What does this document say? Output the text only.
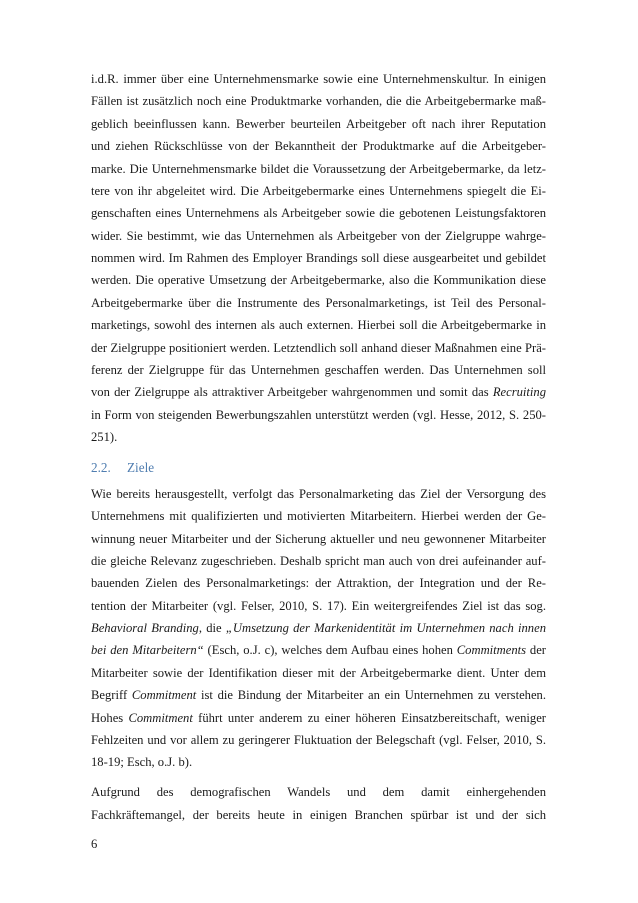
i.d.R. immer über eine Unternehmensmarke sowie eine Unternehmenskultur. In einigen
Fällen ist zusätzlich noch eine Produktmarke vorhanden, die die Arbeitgebermarke maß-
geblich beeinflussen kann. Bewerber beurteilen Arbeitgeber oft nach ihrer Reputation
und ziehen Rückschlüsse von der Bekanntheit der Produktmarke auf die Arbeitgeber-
marke. Die Unternehmensmarke bildet die Voraussetzung der Arbeitgebermarke, da letz-
tere von ihr abgeleitet wird. Die Arbeitgebermarke eines Unternehmens spiegelt die Ei-
genschaften eines Unternehmens als Arbeitgeber sowie die gebotenen Leistungsfaktoren
wider. Sie bestimmt, wie das Unternehmen als Arbeitgeber von der Zielgruppe wahrge-
nommen wird. Im Rahmen des Employer Brandings soll diese ausgearbeitet und gebildet
werden. Die operative Umsetzung der Arbeitgebermarke, also die Kommunikation diese
Arbeitgebermarke über die Instrumente des Personalmarketings, ist Teil des Personal-
marketings, sowohl des internen als auch externen. Hierbei soll die Arbeitgebermarke in
der Zielgruppe positioniert werden. Letztendlich soll anhand dieser Maßnahmen eine Prä-
ferenz der Zielgruppe für das Unternehmen geschaffen werden. Das Unternehmen soll
von der Zielgruppe als attraktiver Arbeitgeber wahrgenommen und somit das Recruiting
in Form von steigenden Bewerbungszahlen unterstützt werden (vgl. Hesse, 2012, S. 250-
251).
2.2. Ziele
Wie bereits herausgestellt, verfolgt das Personalmarketing das Ziel der Versorgung des
Unternehmens mit qualifizierten und motivierten Mitarbeitern. Hierbei werden der Ge-
winnung neuer Mitarbeiter und der Sicherung aktueller und neu gewonnener Mitarbeiter
die gleiche Relevanz zugeschrieben. Deshalb spricht man auch von drei aufeinander auf-
bauenden Zielen des Personalmarketings: der Attraktion, der Integration und der Re-
tention der Mitarbeiter (vgl. Felser, 2010, S. 17). Ein weitergreifendes Ziel ist das sog.
Behavioral Branding, die „Umsetzung der Markenidentität im Unternehmen nach innen
bei den Mitarbeitern“ (Esch, o.J. c), welches dem Aufbau eines hohen Commitments der
Mitarbeiter sowie der Identifikation dieser mit der Arbeitgebermarke dient. Unter dem
Begriff Commitment ist die Bindung der Mitarbeiter an ein Unternehmen zu verstehen.
Hohes Commitment führt unter anderem zu einer höheren Einsatzbereitschaft, weniger
Fehlzeiten und vor allem zu geringerer Fluktuation der Belegschaft (vgl. Felser, 2010, S.
18-19; Esch, o.J. b).
Aufgrund des demografischen Wandels und dem damit einhergehenden
Fachkräftemangel, der bereits heute in einigen Branchen spürbar ist und der sich
6
